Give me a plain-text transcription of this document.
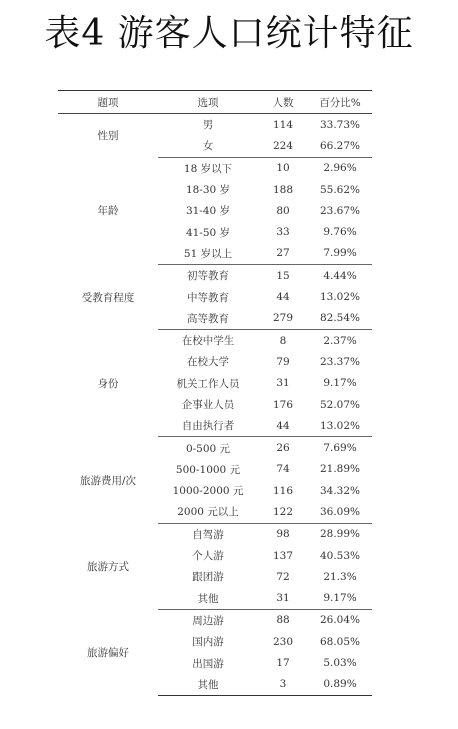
表4 游客人口统计特征
题项	选项	人数	百分比%
性别	男	114	33.73%
	女	224	66.27%
年龄	18 岁以下	10	2.96%
	18-30 岁	188	55.62%
	31-40 岁	80	23.67%
	41-50 岁	33	9.76%
	51 岁以上	27	7.99%
受教育程度	初等教育	15	4.44%
	中等教育	44	13.02%
	高等教育	279	82.54%
身份	在校中学生	8	2.37%
	在校大学	79	23.37%
	机关工作人员	31	9.17%
	企事业人员	176	52.07%
	自由执行者	44	13.02%
旅游费用/次	0-500 元	26	7.69%
	500-1000 元	74	21.89%
	1000-2000 元	116	34.32%
	2000 元以上	122	36.09%
旅游方式	自驾游	98	28.99%
	个人游	137	40.53%
	跟团游	72	21.3%
	其他	31	9.17%
旅游偏好	周边游	88	26.04%
	国内游	230	68.05%
	出国游	17	5.03%
	其他	3	0.89%
